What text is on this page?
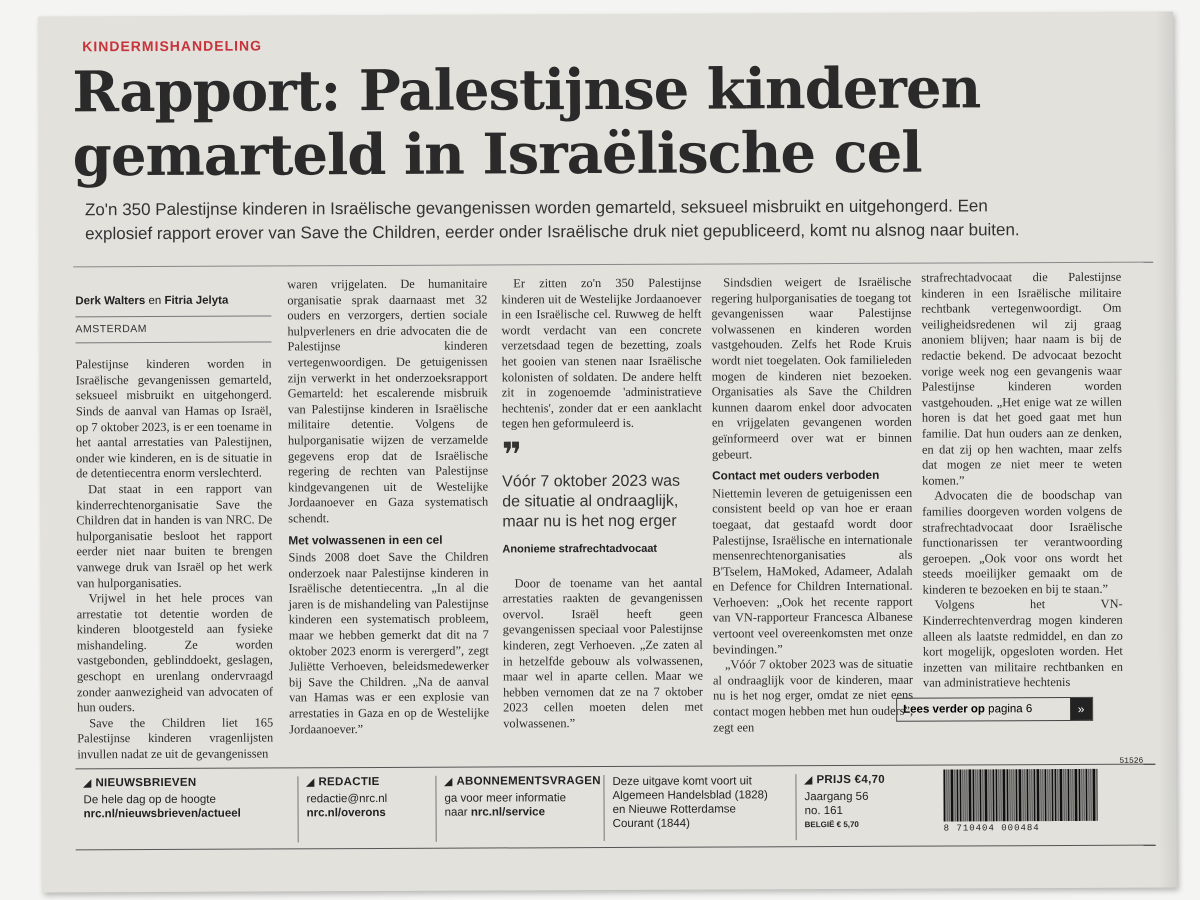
KINDERMISHANDELING
Rapport: Palestijnse kinderen
gemarteld in Israëlische cel
Zo'n 350 Palestijnse kinderen in Israëlische gevangenissen worden gemarteld, seksueel misbruikt en uitgehongerd. Een
explosief rapport erover van Save the Children, eerder onder Israëlische druk niet gepubliceerd, komt nu alsnog naar buiten.
Derk Walters en Fitria Jelyta
AMSTERDAM

Palestijnse kinderen worden in Israëlische gevangenissen gemarteld, seksueel misbruikt en uitgehongerd. Sinds de aanval van Hamas op Israël, op 7 oktober 2023, is er een toename in het aantal arrestaties van Palestijnen, onder wie kinderen, en is de situatie in de detentiecentra enorm verslechterd.

Dat staat in een rapport van kinderrechtenorganisatie Save the Children dat in handen is van NRC. De hulporganisatie besloot het rapport eerder niet naar buiten te brengen vanwege druk van Israël op het werk van hulporganisaties.

Vrijwel in het hele proces van arrestatie tot detentie worden de kinderen blootgesteld aan fysieke mishandeling. Ze worden vastgebonden, geblinddoekt, geslagen, geschopt en urenlang ondervraagd zonder aanwezigheid van advocaten of hun ouders.

Save the Children liet 165 Palestijnse kinderen vragenlijsten invullen nadat ze uit de gevangenissen

waren vrijgelaten. De humanitaire organisatie sprak daarnaast met 32 ouders en verzorgers, dertien sociale hulpverleners en drie advocaten die de Palestijnse kinderen vertegenwoordigen. De getuigenissen zijn verwerkt in het onderzoeksrapport Gemarteld: het escalerende misbruik van Palestijnse kinderen in Israëlische militaire detentie. Volgens de hulporganisatie wijzen de verzamelde gegevens erop dat de Israëlische regering de rechten van Palestijnse kindgevangenen uit de Westelijke Jordaanoever en Gaza systematisch schendt.

Met volwassenen in een cel

Sinds 2008 doet Save the Children onderzoek naar Palestijnse kinderen in Israëlische detentiecentra. „In al die jaren is de mishandeling van Palestijnse kinderen een systematisch probleem, maar we hebben gemerkt dat dit na 7 oktober 2023 enorm is verergerd”, zegt Juliëtte Verhoeven, beleidsmedewerker bij Save the Children. „Na de aanval van Hamas was er een explosie van arrestaties in Gaza en op de Westelijke Jordaanoever.”

Er zitten zo'n 350 Palestijnse kinderen uit de Westelijke Jordaanoever in een Israëlische cel. Ruwweg de helft wordt verdacht van een concrete verzetsdaad tegen de bezetting, zoals het gooien van stenen naar Israëlische kolonisten of soldaten. De andere helft zit in zogenoemde 'administratieve hechtenis', zonder dat er een aanklacht tegen hen geformuleerd is.

❞
Vóór 7 oktober 2023 was de situatie al ondraaglijk, maar nu is het nog erger
Anonieme strafrechtadvocaat

Door de toename van het aantal arrestaties raakten de gevangenissen overvol. Israël heeft geen gevangenissen speciaal voor Palestijnse kinderen, zegt Verhoeven. „Ze zaten al in hetzelfde gebouw als volwassenen, maar wel in aparte cellen. Maar we hebben vernomen dat ze na 7 oktober 2023 cellen moeten delen met volwassenen.”

Sindsdien weigert de Israëlische regering hulporganisaties de toegang tot gevangenissen waar Palestijnse volwassenen en kinderen worden vastgehouden. Zelfs het Rode Kruis wordt niet toegelaten. Ook familieleden mogen de kinderen niet bezoeken. Organisaties als Save the Children kunnen daarom enkel door advocaten en vrijgelaten gevangenen worden geïnformeerd over wat er binnen gebeurt.

Contact met ouders verboden

Niettemin leveren de getuigenissen een consistent beeld op van hoe er eraan toegaat, dat gestaafd wordt door Palestijnse, Israëlische en internationale mensenrechtenorganisaties als B'Tselem, HaMoked, Adameer, Adalah en Defence for Children International. Verhoeven: „Ook het recente rapport van VN-rapporteur Francesca Albanese vertoont veel overeenkomsten met onze bevindingen.”

„Vóór 7 oktober 2023 was de situatie al ondraaglijk voor de kinderen, maar nu is het nog erger, omdat ze niet eens contact mogen hebben met hun ouders”, zegt een

strafrechtadvocaat die Palestijnse kinderen in een Israëlische militaire rechtbank vertegenwoordigt. Om veiligheidsredenen wil zij graag anoniem blijven; haar naam is bij de redactie bekend. De advocaat bezocht vorige week nog een gevangenis waar Palestijnse kinderen worden vastgehouden. „Het enige wat ze willen horen is dat het goed gaat met hun familie. Dat hun ouders aan ze denken, en dat zij op hen wachten, maar zelfs dat mogen ze niet meer te weten komen.”

Advocaten die de boodschap van families doorgeven worden volgens de strafrechtadvocaat door Israëlische functionarissen ter verantwoording geroepen. „Ook voor ons wordt het steeds moeilijker gemaakt om de kinderen te bezoeken en bij te staan.”

Volgens het VN-Kinderrechtenverdrag mogen kinderen alleen als laatste redmiddel, en dan zo kort mogelijk, opgesloten worden. Het inzetten van militaire rechtbanken en van administratieve hechtenis

Lees verder op pagina 6	»
◢ NIEUWSBRIEVEN
De hele dag op de hoogte
nrc.nl/nieuwsbrieven/actueel
◢ REDACTIE
redactie@nrc.nl
nrc.nl/overons
◢ ABONNEMENTSVRAGEN
ga voor meer informatie
naar nrc.nl/service
Deze uitgave komt voort uit
Algemeen Handelsblad (1828)
en Nieuwe Rotterdamse
Courant (1844)
◢ PRIJS €4,70
Jaargang 56
no. 161
BELGIË € 5,70
51526
8 710404 000484
